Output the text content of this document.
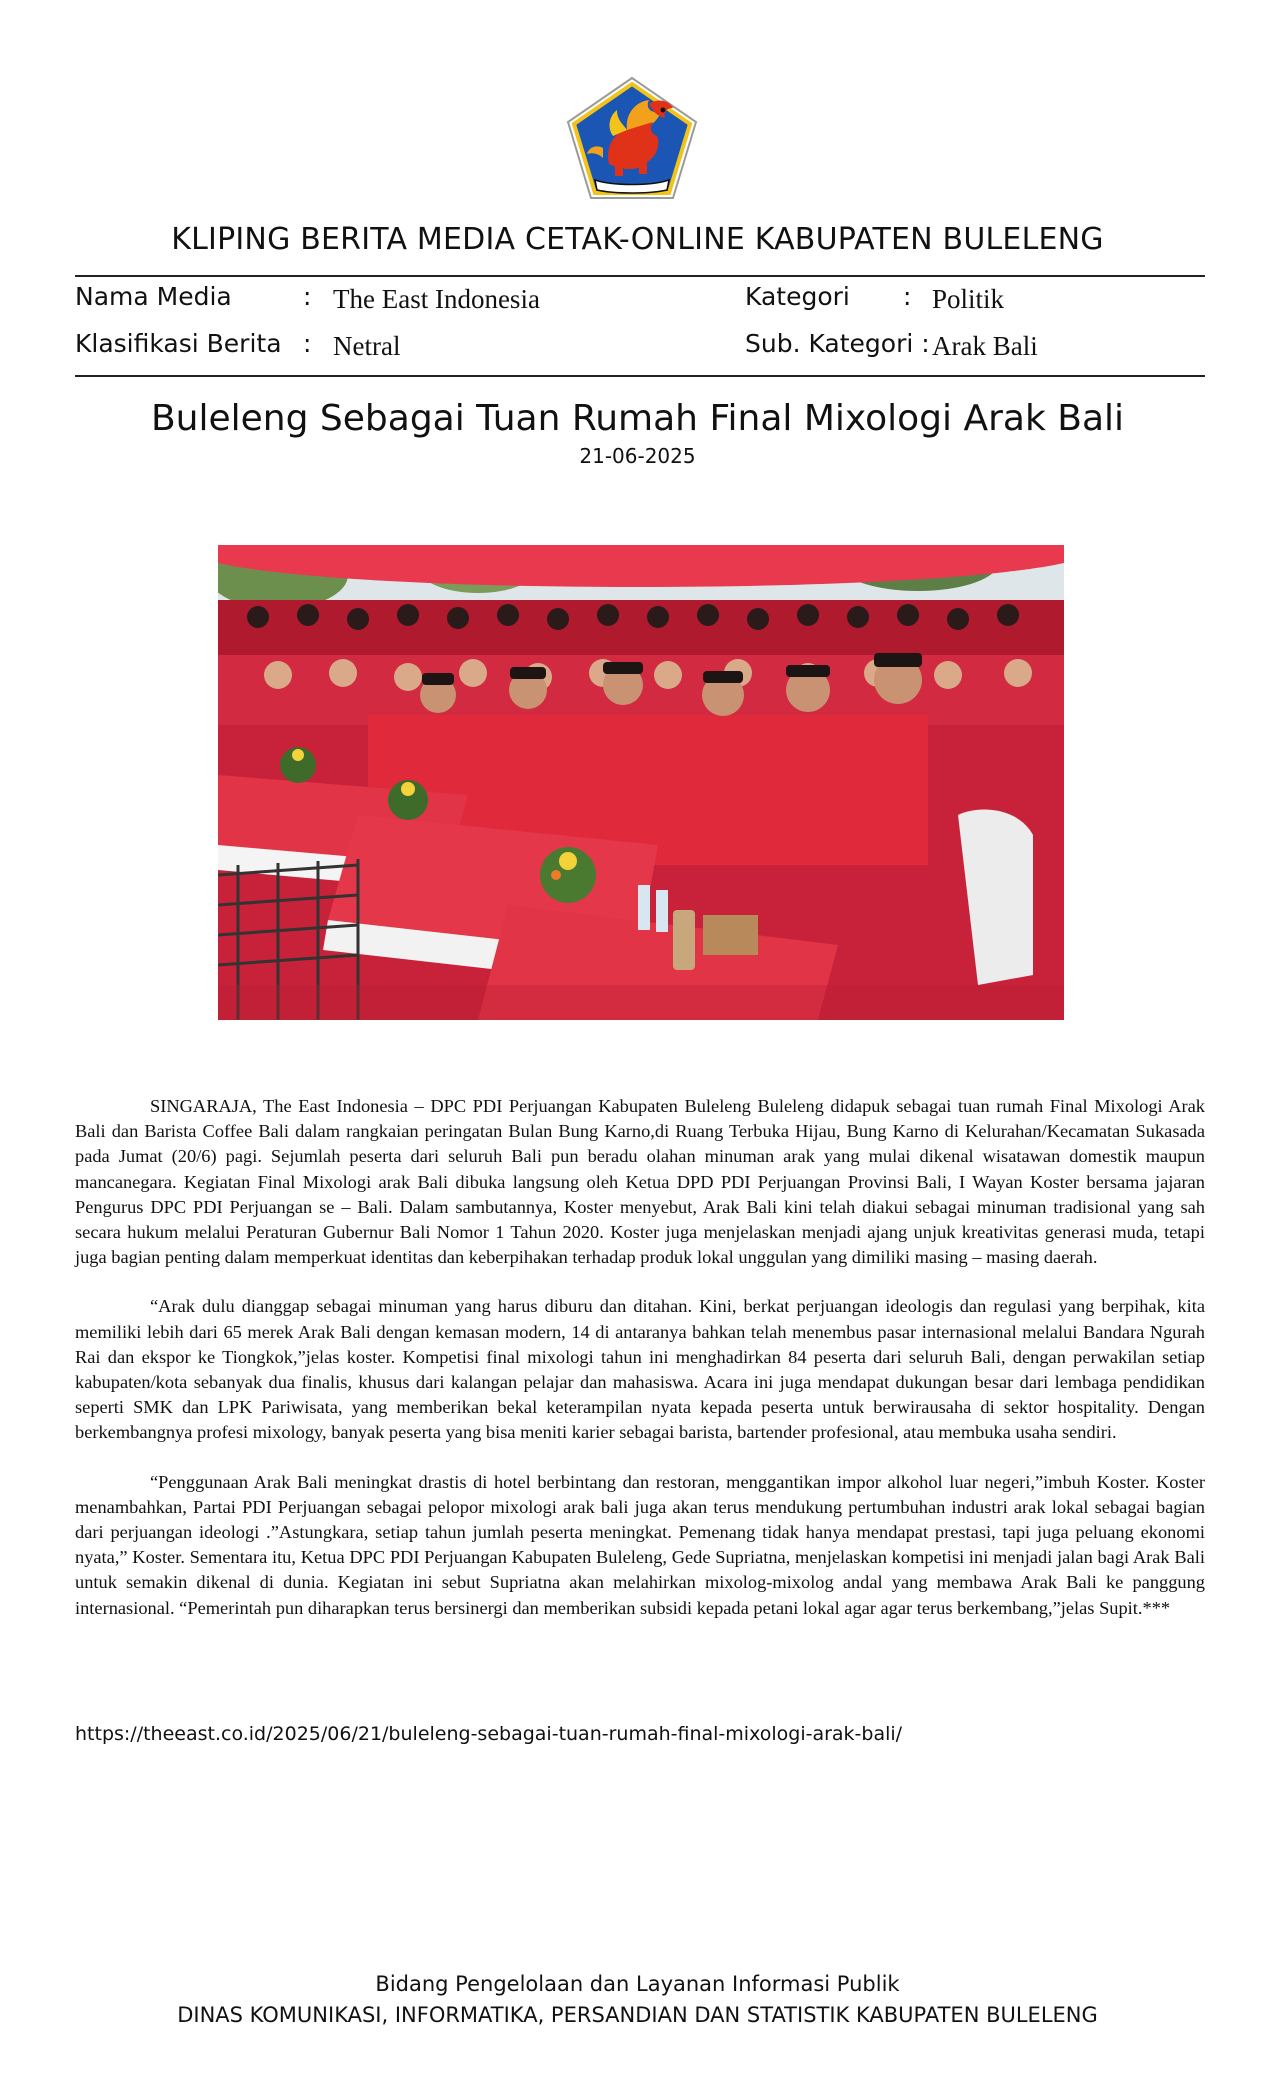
KLIPING BERITA MEDIA CETAK-ONLINE KABUPATEN BULELENG
Nama Media	: The East Indonesia	Kategori : Politik
Klasifikasi Berita : Netral	Sub. Kategori : Arak Bali
Buleleng Sebagai Tuan Rumah Final Mixologi Arak Bali
21-06-2025

SINGARAJA, The East Indonesia – DPC PDI Perjuangan Kabupaten Buleleng Buleleng didapuk sebagai tuan rumah Final Mixologi Arak Bali dan Barista Coffee Bali dalam rangkaian peringatan Bulan Bung Karno,di Ruang Terbuka Hijau, Bung Karno di Kelurahan/Kecamatan Sukasada pada Jumat (20/6) pagi. Sejumlah peserta dari seluruh Bali pun beradu olahan minuman arak yang mulai dikenal wisatawan domestik maupun mancanegara. Kegiatan Final Mixologi arak Bali dibuka langsung oleh Ketua DPD PDI Perjuangan Provinsi Bali, I Wayan Koster bersama jajaran Pengurus DPC PDI Perjuangan se – Bali. Dalam sambutannya, Koster menyebut, Arak Bali kini telah diakui sebagai minuman tradisional yang sah secara hukum melalui Peraturan Gubernur Bali Nomor 1 Tahun 2020. Koster juga menjelaskan menjadi ajang unjuk kreativitas generasi muda, tetapi juga bagian penting dalam memperkuat identitas dan keberpihakan terhadap produk lokal unggulan yang dimiliki masing – masing daerah.

“Arak dulu dianggap sebagai minuman yang harus diburu dan ditahan. Kini, berkat perjuangan ideologis dan regulasi yang berpihak, kita memiliki lebih dari 65 merek Arak Bali dengan kemasan modern, 14 di antaranya bahkan telah menembus pasar internasional melalui Bandara Ngurah Rai dan ekspor ke Tiongkok,”jelas koster. Kompetisi final mixologi tahun ini menghadirkan 84 peserta dari seluruh Bali, dengan perwakilan setiap kabupaten/kota sebanyak dua finalis, khusus dari kalangan pelajar dan mahasiswa. Acara ini juga mendapat dukungan besar dari lembaga pendidikan seperti SMK dan LPK Pariwisata, yang memberikan bekal keterampilan nyata kepada peserta untuk berwirausaha di sektor hospitality. Dengan berkembangnya profesi mixology, banyak peserta yang bisa meniti karier sebagai barista, bartender profesional, atau membuka usaha sendiri.

“Penggunaan Arak Bali meningkat drastis di hotel berbintang dan restoran, menggantikan impor alkohol luar negeri,”imbuh Koster. Koster menambahkan, Partai PDI Perjuangan sebagai pelopor mixologi arak bali juga akan terus mendukung pertumbuhan industri arak lokal sebagai bagian dari perjuangan ideologi .”Astungkara, setiap tahun jumlah peserta meningkat. Pemenang tidak hanya mendapat prestasi, tapi juga peluang ekonomi nyata,” Koster. Sementara itu, Ketua DPC PDI Perjuangan Kabupaten Buleleng, Gede Supriatna, menjelaskan kompetisi ini menjadi jalan bagi Arak Bali untuk semakin dikenal di dunia. Kegiatan ini sebut Supriatna akan melahirkan mixolog-mixolog andal yang membawa Arak Bali ke panggung internasional. “Pemerintah pun diharapkan terus bersinergi dan memberikan subsidi kepada petani lokal agar agar terus berkembang,”jelas Supit.***

https://theeast.co.id/2025/06/21/buleleng-sebagai-tuan-rumah-final-mixologi-arak-bali/
Bidang Pengelolaan dan Layanan Informasi Publik
DINAS KOMUNIKASI, INFORMATIKA, PERSANDIAN DAN STATISTIK KABUPATEN BULELENG
